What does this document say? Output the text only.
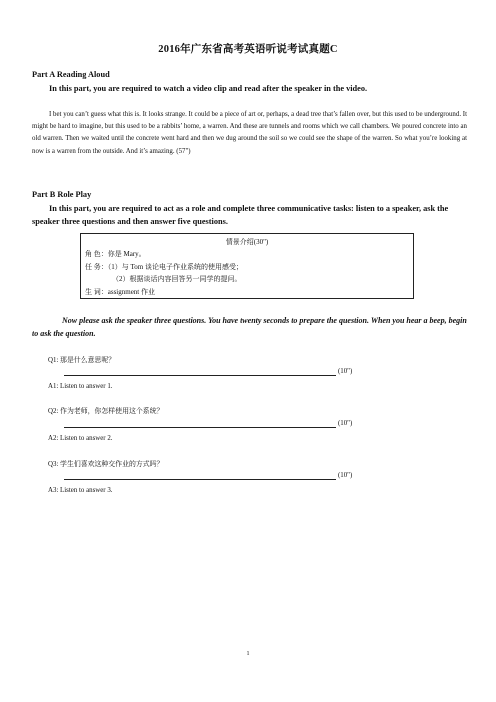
2016年广东省高考英语听说考试真题C
Part A Reading Aloud
In this part, you are required to watch a video clip and read after the speaker in the video.
I bet you can’t guess what this is. It looks strange. It could be a piece of art or, perhaps, a dead tree that’s fallen over, but this used to be underground. It might be hard to imagine, but this used to be a rabbits’ home, a warren. And these are tunnels and rooms which we call chambers. We poured concrete into an old warren. Then we waited until the concrete went hard and then we dug around the soil so we could see the shape of the warren. So what you’re looking at now is a warren from the outside. And it’s amazing. (57")
Part B Role Play
In this part, you are required to act as a role and complete three communicative tasks: listen to a speaker, ask the speaker three questions and then answer five questions.
情景介绍(30")
角 色：你是 Mary。
任 务：（1）与 Tom 谈论电子作业系统的使用感受；
（2）根据谈话内容回答另一同学的提问。
生 词：assignment 作业
Now please ask the speaker three questions. You have twenty seconds to prepare the question. When you hear a beep, begin to ask the question.
Q1: 那是什么意思呢？
(10")
A1: Listen to answer 1.
Q2: 作为老师，你怎样使用这个系统？
(10")
A2: Listen to answer 2.
Q3: 学生们喜欢这种交作业的方式吗？
(10")
A3: Listen to answer 3.
1
